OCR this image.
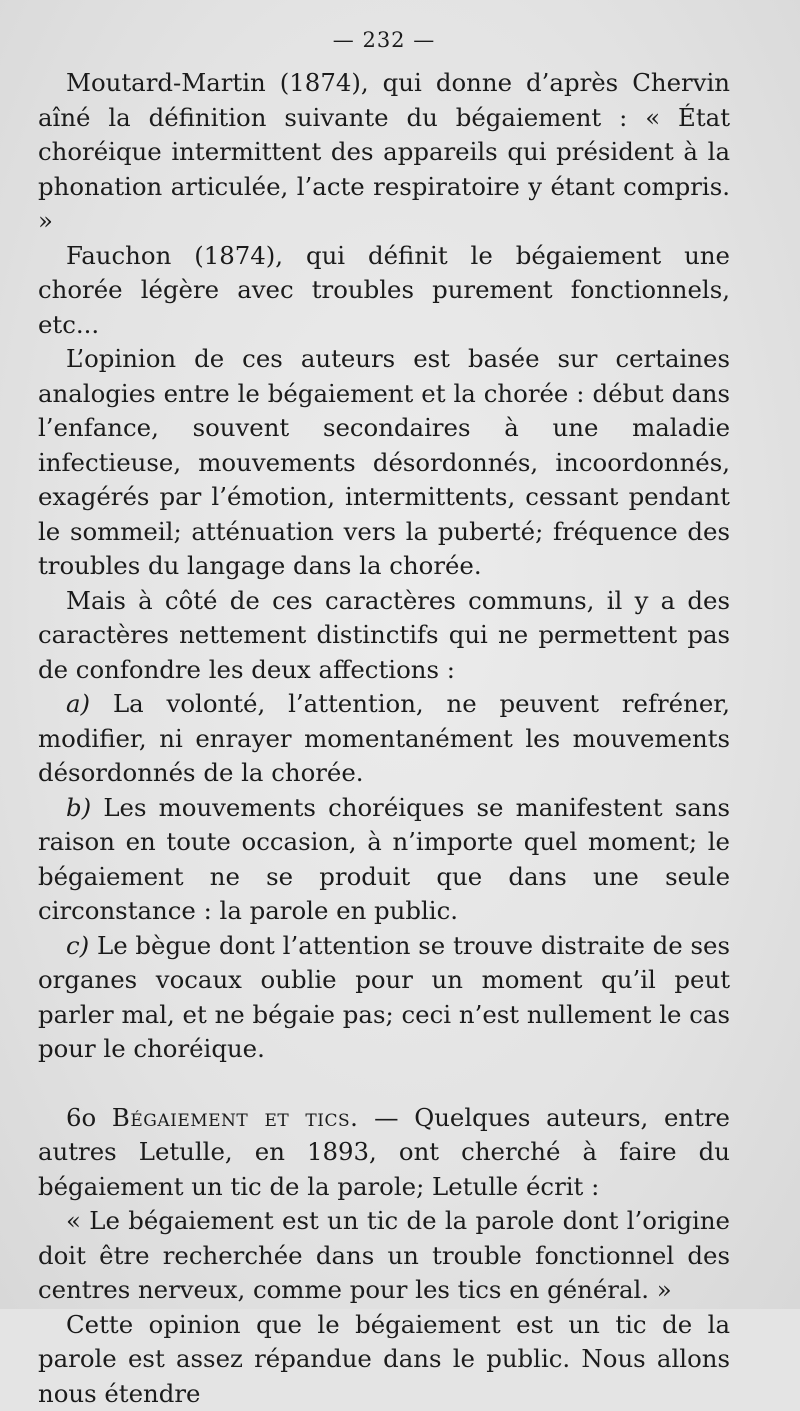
— 232 —

Moutard-Martin (1874), qui donne d’après Chervin aîné la définition suivante du bégaiement : « État choréique intermittent des appareils qui président à la phonation articulée, l’acte respiratoire y étant compris. »

Fauchon (1874), qui définit le bégaiement une chorée légère avec troubles purement fonctionnels, etc...

L’opinion de ces auteurs est basée sur certaines analogies entre le bégaiement et la chorée : début dans l’enfance, souvent secondaires à une maladie infectieuse, mouvements désordonnés, incoordonnés, exagérés par l’émotion, intermittents, cessant pendant le sommeil; atténuation vers la puberté; fréquence des troubles du langage dans la chorée.

Mais à côté de ces caractères communs, il y a des caractères nettement distinctifs qui ne permettent pas de confondre les deux affections :

a) La volonté, l’attention, ne peuvent refréner, modifier, ni enrayer momentanément les mouvements désordonnés de la chorée.

b) Les mouvements choréiques se manifestent sans raison en toute occasion, à n’importe quel moment; le bégaiement ne se produit que dans une seule circonstance : la parole en public.

c) Le bègue dont l’attention se trouve distraite de ses organes vocaux oublie pour un moment qu’il peut parler mal, et ne bégaie pas; ceci n’est nullement le cas pour le choréique.

6o Bégaiement et tics. — Quelques auteurs, entre autres Letulle, en 1893, ont cherché à faire du bégaiement un tic de la parole; Letulle écrit :

« Le bégaiement est un tic de la parole dont l’origine doit être recherchée dans un trouble fonctionnel des centres nerveux, comme pour les tics en général. »

Cette opinion que le bégaiement est un tic de la parole est assez répandue dans le public. Nous allons nous étendre
